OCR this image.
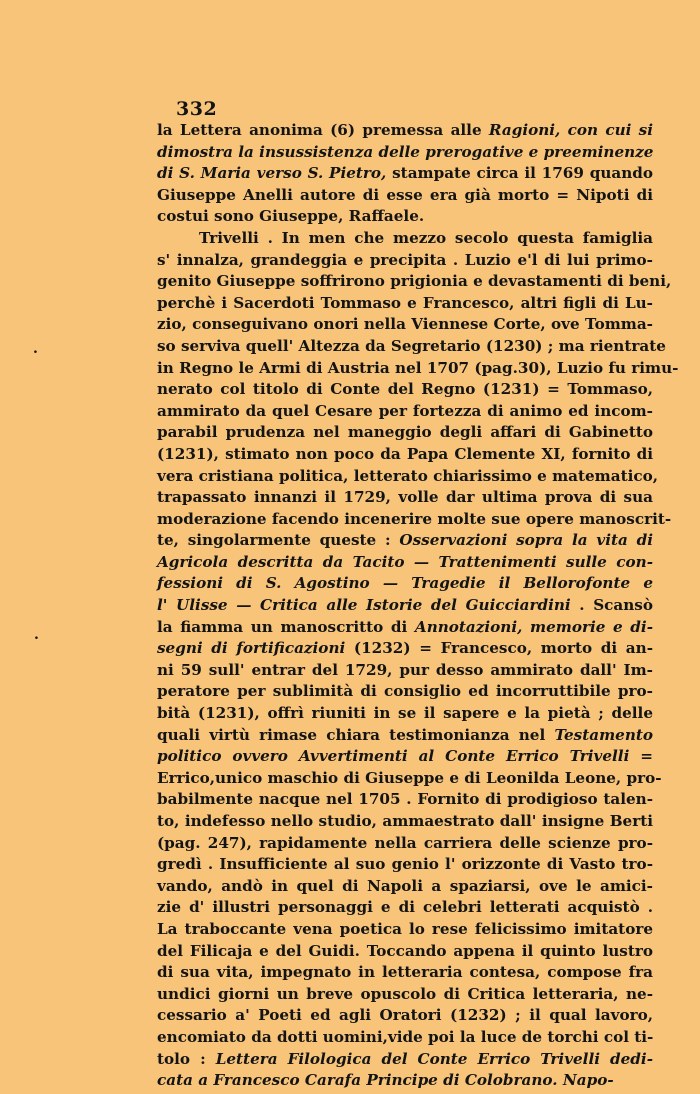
332
.
.
la Lettera anonima (6) premessa alle Ragioni, con cui si
dimostra la insussistenza delle prerogative e preeminenze
di S. Maria verso S. Pietro, stampate circa il 1769 quando
Giuseppe Anelli autore di esse era già morto = Nipoti di
costui sono Giuseppe, Raffaele.
Trivelli . In men che mezzo secolo questa famiglia
s' innalza, grandeggia e precipita . Luzio e'l di lui primo-
genito Giuseppe soffrirono prigionia e devastamenti di beni,
perchè i Sacerdoti Tommaso e Francesco, altri figli di Lu-
zio, conseguivano onori nella Viennese Corte, ove Tomma-
so serviva quell' Altezza da Segretario (1230) ; ma rientrate
in Regno le Armi di Austria nel 1707 (pag.30), Luzio fu rimu-
nerato col titolo di Conte del Regno (1231) = Tommaso,
ammirato da quel Cesare per fortezza di animo ed incom-
parabil prudenza nel maneggio degli affari di Gabinetto
(1231), stimato non poco da Papa Clemente XI, fornito di
vera cristiana politica, letterato chiarissimo e matematico,
trapassato innanzi il 1729, volle dar ultima prova di sua
moderazione facendo incenerire molte sue opere manoscrit-
te, singolarmente queste : Osservazioni sopra la vita di
Agricola descritta da Tacito — Trattenimenti sulle con-
fessioni di S. Agostino — Tragedie il Bellorofonte e
l' Ulisse — Critica alle Istorie del Guicciardini . Scansò
la fiamma un manoscritto di Annotazioni, memorie e di-
segni di fortificazioni (1232) = Francesco, morto di an-
ni 59 sull' entrar del 1729, pur desso ammirato dall' Im-
peratore per sublimità di consiglio ed incorruttibile pro-
bità (1231), offrì riuniti in se il sapere e la pietà ; delle
quali virtù rimase chiara testimonianza nel Testamento
politico ovvero Avvertimenti al Conte Errico Trivelli =
Errico,unico maschio di Giuseppe e di Leonilda Leone, pro-
babilmente nacque nel 1705 . Fornito di prodigioso talen-
to, indefesso nello studio, ammaestrato dall' insigne Berti
(pag. 247), rapidamente nella carriera delle scienze pro-
gredì . Insufficiente al suo genio l' orizzonte di Vasto tro-
vando, andò in quel di Napoli a spaziarsi, ove le amici-
zie d' illustri personaggi e di celebri letterati acquistò .
La traboccante vena poetica lo rese felicissimo imitatore
del Filicaja e del Guidi. Toccando appena il quinto lustro
di sua vita, impegnato in letteraria contesa, compose fra
undici giorni un breve opuscolo di Critica letteraria, ne-
cessario a' Poeti ed agli Oratori (1232) ; il qual lavoro,
encomiato da dotti uomini,vide poi la luce de torchi col ti-
tolo : Lettera Filologica del Conte Errico Trivelli dedi-
cata a Francesco Carafa Principe di Colobrano. Napo-
